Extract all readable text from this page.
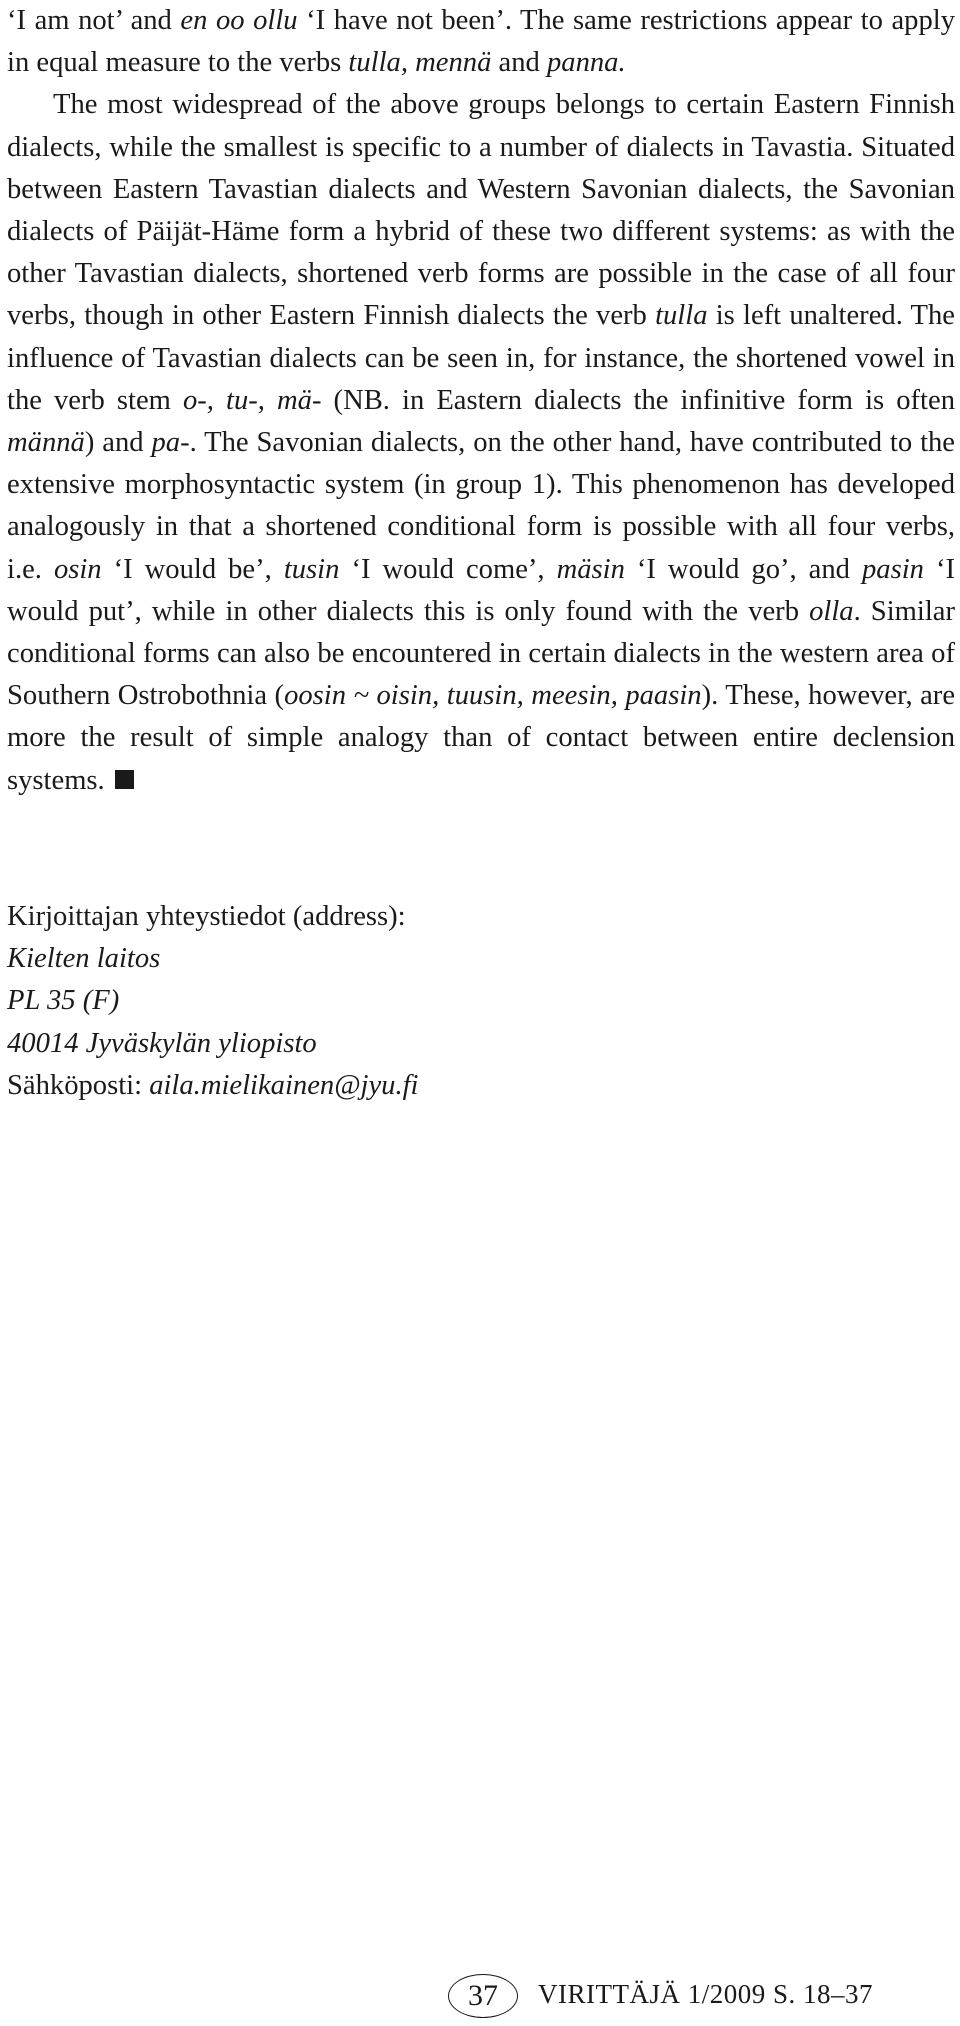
‘I am not’ and en oo ollu ‘I have not been’. The same restrictions appear to apply in equal measure to the verbs tulla, mennä and panna.

The most widespread of the above groups belongs to certain Eastern Finnish dialects, while the smallest is specific to a number of dialects in Tavastia. Situated between Eastern Tavastian dialects and Western Savonian dialects, the Savonian dialects of Päijät-Häme form a hybrid of these two different systems: as with the other Tavastian dialects, shortened verb forms are possible in the case of all four verbs, though in other Eastern Finnish dialects the verb tulla is left unaltered. The influence of Tavastian dialects can be seen in, for instance, the shortened vowel in the verb stem o-, tu-, mä- (NB. in Eastern dialects the infinitive form is often männä) and pa-. The Savonian dialects, on the other hand, have contributed to the extensive morphosyntactic system (in group 1). This phenomenon has developed analogously in that a shortened conditional form is possible with all four verbs, i.e. osin ‘I would be’, tusin ‘I would come’, mäsin ‘I would go’, and pasin ‘I would put’, while in other dialects this is only found with the verb olla. Similar conditional forms can also be encountered in certain dialects in the western area of Southern Ostrobothnia (oosin ~ oisin, tuusin, meesin, paasin). These, however, are more the result of simple analogy than of contact between entire declension systems.

Kirjoittajan yhteystiedot (address):
Kielten laitos
PL 35 (F)
40014 Jyväskylän yliopisto
Sähköposti: aila.mielikainen@jyu.fi
37	VIRITTÄJÄ 1/2009 S. 18–37
